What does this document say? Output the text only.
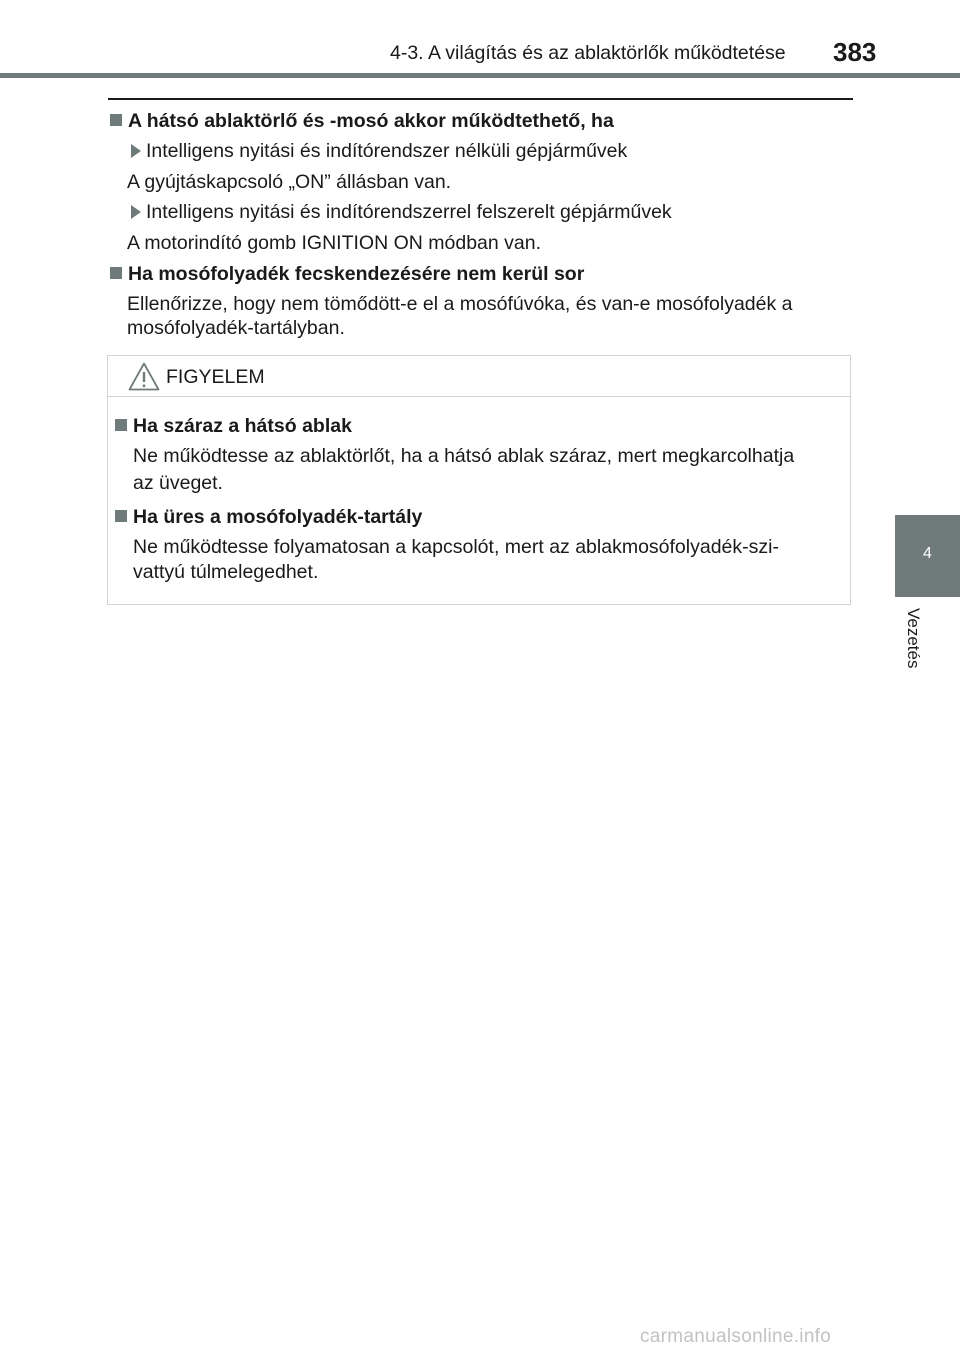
4-3. A világítás és az ablaktörlők működtetése 383
4
Vezetés
A hátsó ablaktörlő és -mosó akkor működtethető, ha
Intelligens nyitási és indítórendszer nélküli gépjárművek
A gyújtáskapcsoló „ON” állásban van.
Intelligens nyitási és indítórendszerrel felszerelt gépjárművek
A motorindító gomb IGNITION ON módban van.
Ha mosófolyadék fecskendezésére nem kerül sor
Ellenőrizze, hogy nem tömődött-e el a mosófúvóka, és van-e mosófolyadék a
mosófolyadék-tartályban.
FIGYELEM
Ha száraz a hátsó ablak
Ne működtesse az ablaktörlőt, ha a hátsó ablak száraz, mert megkarcolhatja
az üveget.
Ha üres a mosófolyadék-tartály
Ne működtesse folyamatosan a kapcsolót, mert az ablakmosófolyadék-szi-
vattyú túlmelegedhet.
carmanualsonline.info
